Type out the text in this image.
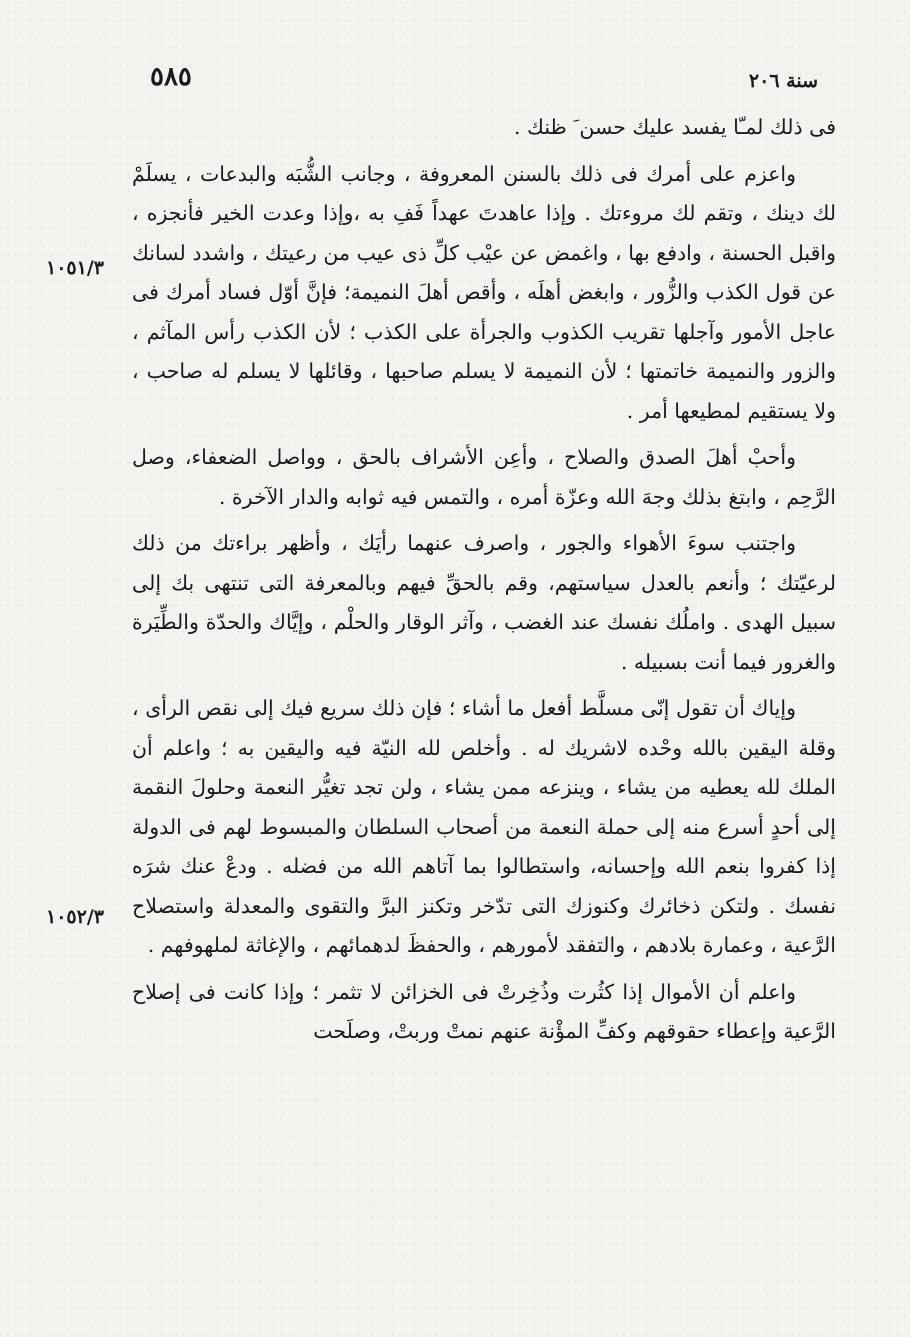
٥٨٥	سنة ٢٠٦
١٠٥١/٣
١٠٥٢/٣

فى ذلك لمـّا يفسد عليك حسن َ ظنك .

واعزم على أمرك فى ذلك بالسنن المعروفة ، وجانب الشُّبَه والبدعات ، يسلَمْ لك دينك ، وتقم لك مروءتك . وإذا عاهدتَ عهداً فَفِ به ،وإذا وعدت الخير فأنجزه ، واقبل الحسنة ، وادفع بها ، واغمض عن عيْب كلِّ ذى عيب من رعيتك ، واشدد لسانك عن قول الكذب والزُّور ، وابغض أهلَه ، وأقص أهلَ النميمة؛ فإنَّ أوّل فساد أمرك فى عاجل الأمور وآجلها تقريب الكذوب والجرأة على الكذب ؛ لأن الكذب رأس المآثم ، والزور والنميمة خاتمتها ؛ لأن النميمة لا يسلم صاحبها ، وقائلها لا يسلم له صاحب ، ولا يستقيم لمطيعها أمر .

وأحبْ أهلَ الصدق والصلاح ، وأعِن الأشراف بالحق ، وواصل الضعفاء، وصل الرَّحِم ، وابتغ بذلك وجهَ الله وعزّة أمره ، والتمس فيه ثوابه والدار الآخرة .

واجتنب سوءَ الأهواء والجور ، واصرف عنهما رأيَك ، وأظهر براءتك من ذلك لرعيّتك ؛ وأنعم بالعدل سياستهم، وقم بالحقِّ فيهم وبالمعرفة التى تنتهى بك إلى سبيل الهدى . واملُك نفسك عند الغضب ، وآثر الوقار والحلْم ، وإيَّاك والحدّة والطِّيَرة والغرور فيما أنت بسبيله .

وإياك أن تقول إنّى مسلَّط أفعل ما أشاء ؛ فإن ذلك سريع فيك إلى نقص الرأى ، وقلة اليقين بالله وحْده لاشريك له . وأخلص لله النيّة فيه واليقين به ؛ واعلم أن الملك لله يعطيه من يشاء ، وينزعه ممن يشاء ، ولن تجد تغيُّر النعمة وحلولَ النقمة إلى أحدٍ أسرع منه إلى حملة النعمة من أصحاب السلطان والمبسوط لهم فى الدولة إذا كفروا بنعم الله وإحسانه، واستطالوا بما آتاهم الله من فضله . ودعْ عنك شرَه نفسك . ولتكن ذخائرك وكنوزك التى تدّخر وتكنز البرَّ والتقوى والمعدلة واستصلاح الرَّعية ، وعمارة بلادهم ، والتفقد لأمورهم ، والحفظَ لدهمائهم ، والإغاثة لملهوفهم .

واعلم أن الأموال إذا كثُرت وذُخِرتْ فى الخزائن لا تثمر ؛ وإذا كانت فى إصلاح الرَّعية وإعطاء حقوقهم وكفِّ المؤْنة عنهم نمتْ وربتْ، وصلَحت
